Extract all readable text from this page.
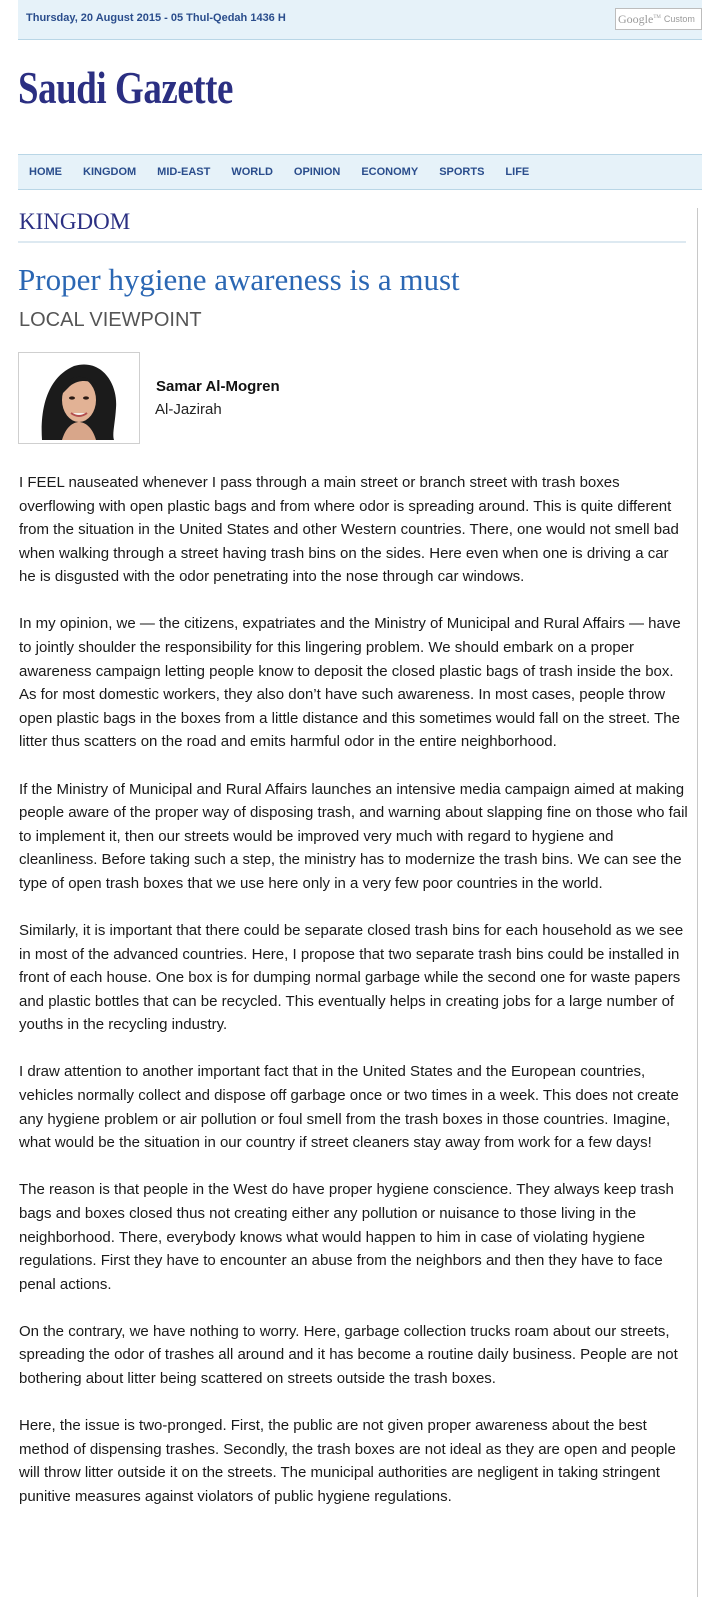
Thursday, 20 August 2015 - 05 Thul-Qedah 1436 H	Google™ Custom
Saudi Gazette
HOME KINGDOM MID-EAST WORLD OPINION ECONOMY SPORTS LIFE
KINGDOM
Proper hygiene awareness is a must
LOCAL VIEWPOINT
Samar Al-Mogren
Al-Jazirah

I FEEL nauseated whenever I pass through a main street or branch street with trash boxes overflowing with open plastic bags and from where odor is spreading around. This is quite different from the situation in the United States and other Western countries. There, one would not smell bad when walking through a street having trash bins on the sides. Here even when one is driving a car he is disgusted with the odor penetrating into the nose through car windows.

In my opinion, we — the citizens, expatriates and the Ministry of Municipal and Rural Affairs — have to jointly shoulder the responsibility for this lingering problem. We should embark on a proper awareness campaign letting people know to deposit the closed plastic bags of trash inside the box. As for most domestic workers, they also don’t have such awareness. In most cases, people throw open plastic bags in the boxes from a little distance and this sometimes would fall on the street. The litter thus scatters on the road and emits harmful odor in the entire neighborhood.

If the Ministry of Municipal and Rural Affairs launches an intensive media campaign aimed at making people aware of the proper way of disposing trash, and warning about slapping fine on those who fail to implement it, then our streets would be improved very much with regard to hygiene and cleanliness. Before taking such a step, the ministry has to modernize the trash bins. We can see the type of open trash boxes that we use here only in a very few poor countries in the world.

Similarly, it is important that there could be separate closed trash bins for each household as we see in most of the advanced countries. Here, I propose that two separate trash bins could be installed in front of each house. One box is for dumping normal garbage while the second one for waste papers and plastic bottles that can be recycled. This eventually helps in creating jobs for a large number of youths in the recycling industry.

I draw attention to another important fact that in the United States and the European countries, vehicles normally collect and dispose off garbage once or two times in a week. This does not create any hygiene problem or air pollution or foul smell from the trash boxes in those countries. Imagine, what would be the situation in our country if street cleaners stay away from work for a few days!

The reason is that people in the West do have proper hygiene conscience. They always keep trash bags and boxes closed thus not creating either any pollution or nuisance to those living in the neighborhood. There, everybody knows what would happen to him in case of violating hygiene regulations. First they have to encounter an abuse from the neighbors and then they have to face penal actions.

On the contrary, we have nothing to worry. Here, garbage collection trucks roam about our streets, spreading the odor of trashes all around and it has become a routine daily business. People are not bothering about litter being scattered on streets outside the trash boxes.

Here, the issue is two-pronged. First, the public are not given proper awareness about the best method of dispensing trashes. Secondly, the trash boxes are not ideal as they are open and people will throw litter outside it on the streets. The municipal authorities are negligent in taking stringent punitive measures against violators of public hygiene regulations.
